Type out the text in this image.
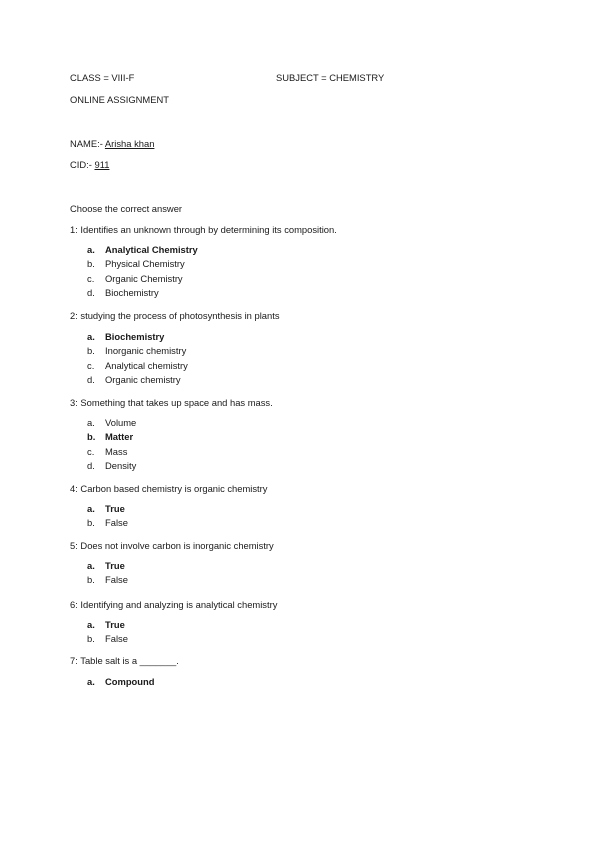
CLASS = VIII-F	SUBJECT = CHEMISTRY
ONLINE ASSIGNMENT
NAME:- Arisha khan
CID:- 911
Choose the correct answer
1: Identifies an unknown through by determining its composition.
a.	Analytical Chemistry
b.	Physical Chemistry
c.	Organic Chemistry
d.	Biochemistry
2: studying the process of photosynthesis in plants
a.	Biochemistry
b.	Inorganic chemistry
c.	Analytical chemistry
d.	Organic chemistry
3: Something that takes up space and has mass.
a.	Volume
b.	Matter
c.	Mass
d.	Density
4: Carbon based chemistry is organic chemistry
a.	True
b.	False
5: Does not involve carbon is inorganic chemistry
a.	True
b.	False
6: Identifying and analyzing is analytical chemistry
a.	True
b.	False
7: Table salt is a _______.
a.	Compound
